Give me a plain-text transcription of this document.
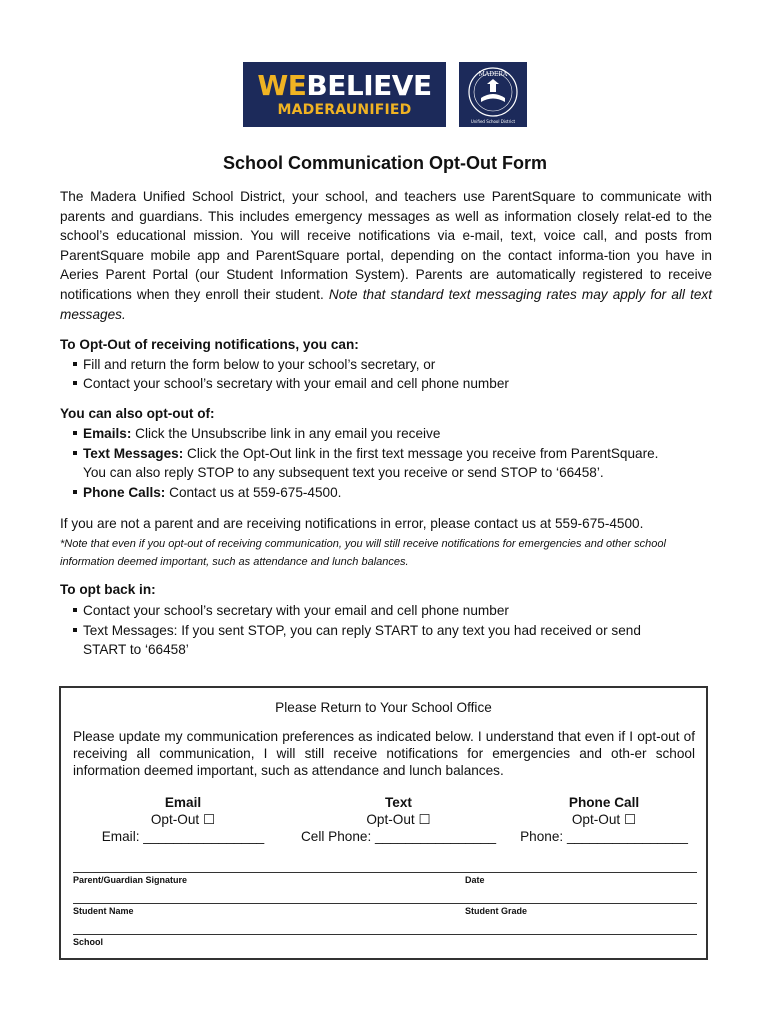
WEBELIEVE
MADERAUNIFIED
MADERA
Unified School District
School Communication Opt-Out Form
The Madera Unified School District, your school, and teachers use ParentSquare to communicate with parents and guardians. This includes emergency messages as well as information closely relat-ed to the school’s educational mission. You will receive notifications via e-mail, text, voice call, and posts from ParentSquare mobile app and ParentSquare portal, depending on the contact informa-tion you have in Aeries Parent Portal (our Student Information System). Parents are automatically registered to receive notifications when they enroll their student. Note that standard text messaging rates may apply for all text messages.
To Opt-Out of receiving notifications, you can:
Fill and return the form below to your school’s secretary, or
Contact your school’s secretary with your email and cell phone number
You can also opt-out of:
Emails: Click the Unsubscribe link in any email you receive
Text Messages: Click the Opt-Out link in the first text message you receive from ParentSquare.
You can also reply STOP to any subsequent text you receive or send STOP to ‘66458’.
Phone Calls: Contact us at 559-675-4500.
If you are not a parent and are receiving notifications in error, please contact us at 559-675-4500.
*Note that even if you opt-out of receiving communication, you will still receive notifications for emergencies and other school information deemed important, such as attendance and lunch balances.
To opt back in:
Contact your school’s secretary with your email and cell phone number
Text Messages: If you sent STOP, you can reply START to any text you had received or send
START to ‘66458’
Please Return to Your School Office
Please update my communication preferences as indicated below. I understand that even if I opt-out of receiving all communication, I will still receive notifications for emergencies and oth-er school information deemed important, such as attendance and lunch balances.
Email
Opt-Out ☐
Email: ________________
Text
Opt-Out ☐
Cell Phone: ________________
Phone Call
Opt-Out ☐
Phone: ________________
Parent/Guardian Signature	Date
Student Name	Student Grade
School
